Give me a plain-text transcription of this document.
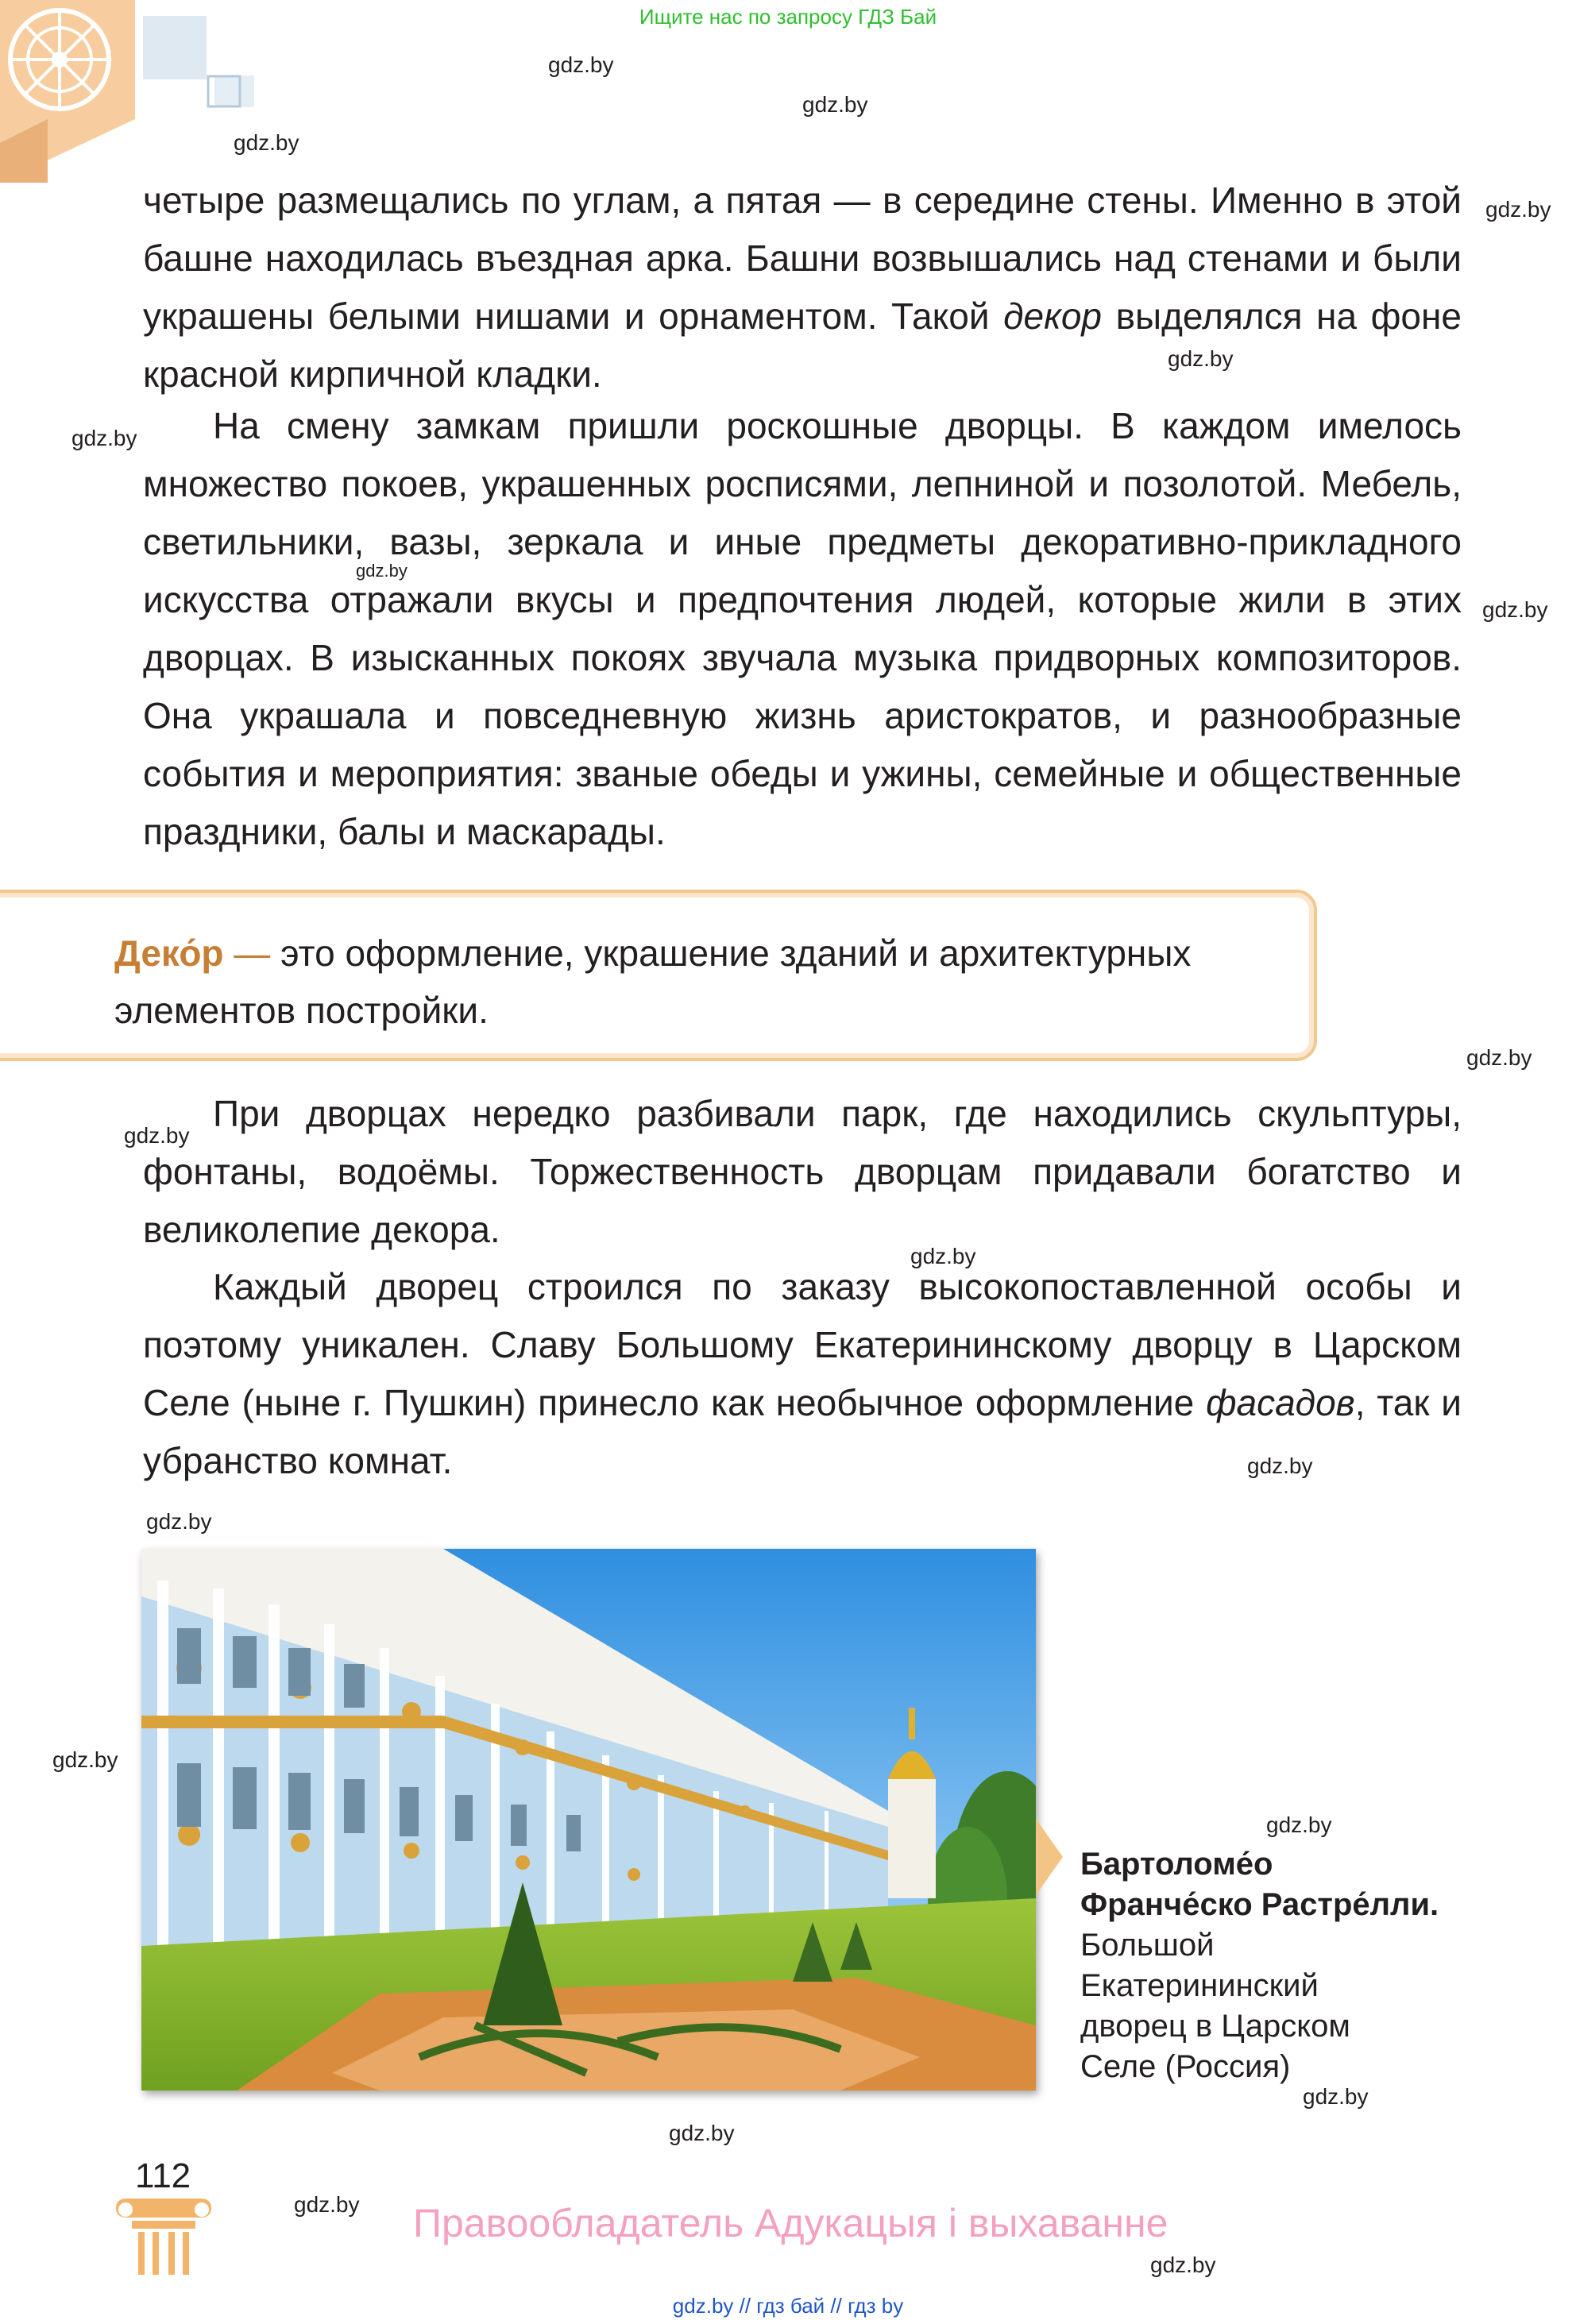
Ищите нас по запросу ГДЗ Бай
gdz.by
gdz.by
gdz.by
gdz.by
gdz.by
gdz.by
gdz.by
gdz.by
gdz.by
gdz.by
gdz.by
gdz.by
gdz.by
gdz.by
gdz.by
gdz.by
gdz.by
gdz.by
gdz.by

четыре размещались по углам, а пятая — в середине стены. Именно в этой башне находилась въездная арка. Башни возвышались над стенами и были украшены белыми нишами и орнаментом. Такой декор выделялся на фоне красной кирпичной кладки.

На смену замкам пришли роскошные дворцы. В каждом имелось множество покоев, украшенных росписями, лепниной и позолотой. Мебель, светильники, вазы, зеркала и иные предметы декоративно-прикладного искусства отражали вкусы и предпочтения людей, которые жили в этих дворцах. В изысканных покоях звучала музыка придворных композиторов. Она украшала и повседневную жизнь аристократов, и разнообразные события и мероприятия: званые обеды и ужины, семейные и общественные праздники, балы и маскарады.

Деко́р — это оформление, украшение зданий и архитектурных элементов постройки.

При дворцах нередко разбивали парк, где находились скульптуры, фонтаны, водоёмы. Торжественность дворцам придавали богатство и великолепие декора.

Каждый дворец строился по заказу высокопоставленной особы и поэтому уникален. Славу Большому Екатерининскому дворцу в Царском Селе (ныне г. Пушкин) принесло как необычное оформление фасадов, так и убранство комнат.

Бартоломе́о
Франче́ско Растре́лли.
Большой
Екатерининский
дворец в Царском
Селе (Россия)
112
Правообладатель Адукацыя і выхаванне
gdz.by // гдз бай // гдз by
